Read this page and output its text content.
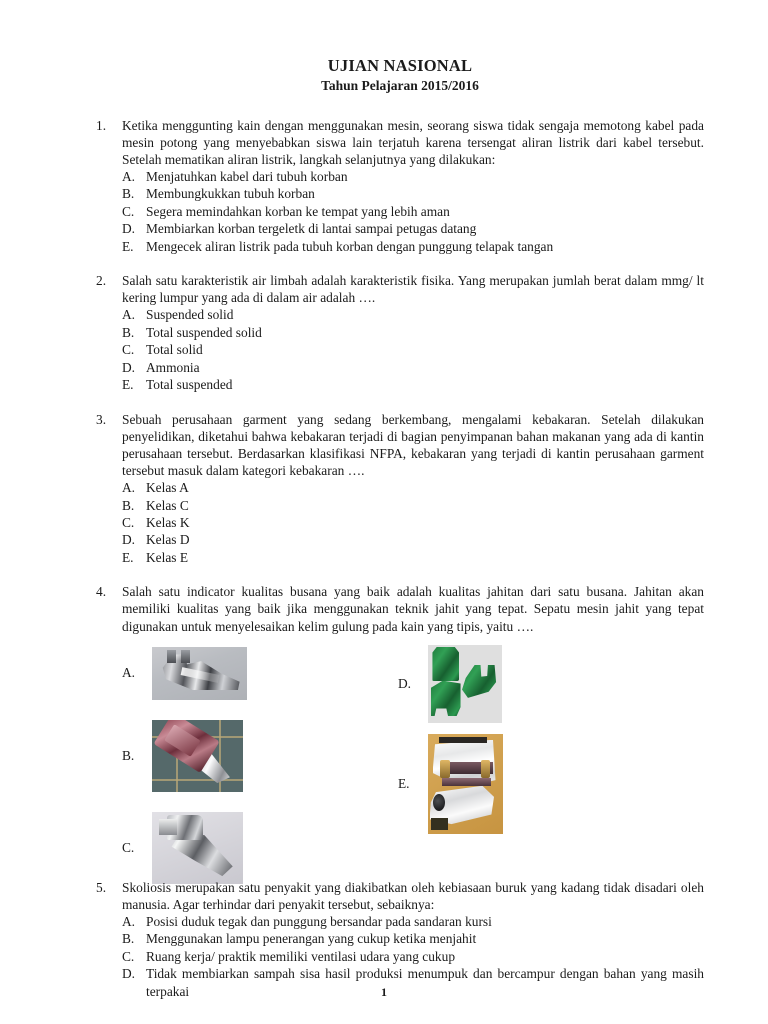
UJIAN NASIONAL
Tahun Pelajaran 2015/2016
1.	Ketika menggunting kain dengan menggunakan mesin, seorang siswa tidak sengaja memotong kabel pada mesin potong yang menyebabkan siswa lain terjatuh karena tersengat aliran listrik dari kabel tersebut. Setelah mematikan aliran listrik, langkah selanjutnya yang dilakukan:

A. Menjatuhkan kabel dari tubuh korban
B. Membungkukkan tubuh korban
C. Segera memindahkan korban ke tempat yang lebih aman
D. Membiarkan korban tergeletk di lantai sampai petugas datang
E. Mengecek aliran listrik pada tubuh korban dengan punggung telapak tangan
2.	Salah satu karakteristik air limbah adalah karakteristik fisika. Yang merupakan jumlah berat dalam mmg/ lt kering lumpur yang ada di dalam air adalah ….

A. Suspended solid
B. Total suspended solid
C. Total solid
D. Ammonia
E. Total suspended
3.	Sebuah perusahaan garment yang sedang berkembang, mengalami kebakaran. Setelah dilakukan penyelidikan, diketahui bahwa kebakaran terjadi di bagian penyimpanan bahan makanan yang ada di kantin perusahaan tersebut. Berdasarkan klasifikasi NFPA, kebakaran yang terjadi di kantin perusahaan garment tersebut masuk dalam kategori kebakaran ….

A. Kelas A
B. Kelas C
C. Kelas K
D. Kelas D
E. Kelas E
4.	Salah satu indicator kualitas busana yang baik adalah kualitas jahitan dari satu busana. Jahitan akan memiliki kualitas yang baik jika menggunakan teknik jahit yang tepat. Sepatu mesin jahit yang tepat digunakan untuk menyelesaikan kelim gulung pada kain yang tipis, yaitu ….

A.
B.
C.
D.
E.
5.	Skoliosis merupakan satu penyakit yang diakibatkan oleh kebiasaan buruk yang kadang tidak disadari oleh manusia. Agar terhindar dari penyakit tersebut, sebaiknya:

A. Posisi duduk tegak dan punggung bersandar pada sandaran kursi
B. Menggunakan lampu penerangan yang cukup ketika menjahit
C. Ruang kerja/ praktik memiliki ventilasi udara yang cukup
D. Tidak membiarkan sampah sisa hasil produksi menumpuk dan bercampur dengan bahan yang masih terpakai	1
